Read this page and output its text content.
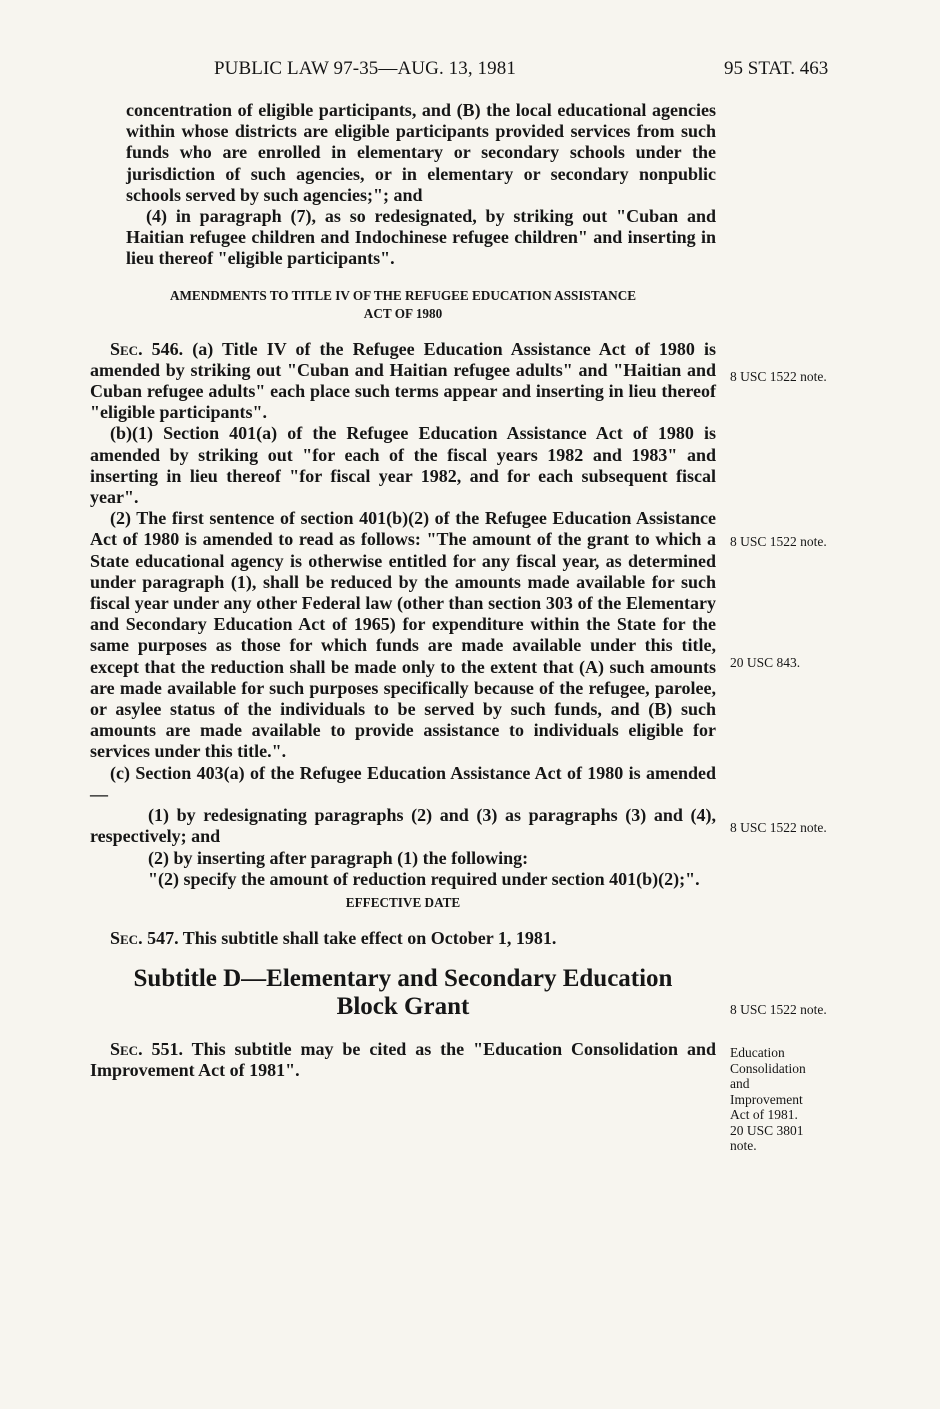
PUBLIC LAW 97-35—AUG. 13, 1981	95 STAT. 463

concentration of eligible participants, and (B) the local educational agencies within whose districts are eligible participants provided services from such funds who are enrolled in elementary or secondary schools under the jurisdiction of such agencies, or in elementary or secondary nonpublic schools served by such agencies;"; and

(4) in paragraph (7), as so redesignated, by striking out "Cuban and Haitian refugee children and Indochinese refugee children" and inserting in lieu thereof "eligible participants".

AMENDMENTS TO TITLE IV OF THE REFUGEE EDUCATION ASSISTANCE
ACT OF 1980

Sec. 546. (a) Title IV of the Refugee Education Assistance Act of 1980 is amended by striking out "Cuban and Haitian refugee adults" and "Haitian and Cuban refugee adults" each place such terms appear and inserting in lieu thereof "eligible participants".

(b)(1) Section 401(a) of the Refugee Education Assistance Act of 1980 is amended by striking out "for each of the fiscal years 1982 and 1983" and inserting in lieu thereof "for fiscal year 1982, and for each subsequent fiscal year".

(2) The first sentence of section 401(b)(2) of the Refugee Education Assistance Act of 1980 is amended to read as follows: "The amount of the grant to which a State educational agency is otherwise entitled for any fiscal year, as determined under paragraph (1), shall be reduced by the amounts made available for such fiscal year under any other Federal law (other than section 303 of the Elementary and Secondary Education Act of 1965) for expenditure within the State for the same purposes as those for which funds are made available under this title, except that the reduction shall be made only to the extent that (A) such amounts are made available for such purposes specifically because of the refugee, parolee, or asylee status of the individuals to be served by such funds, and (B) such amounts are made available to provide assistance to individuals eligible for services under this title.".

(c) Section 403(a) of the Refugee Education Assistance Act of 1980 is amended—

(1) by redesignating paragraphs (2) and (3) as paragraphs (3) and (4), respectively; and

(2) by inserting after paragraph (1) the following:

"(2) specify the amount of reduction required under section 401(b)(2);".

EFFECTIVE DATE

Sec. 547. This subtitle shall take effect on October 1, 1981.

Subtitle D—Elementary and Secondary Education
Block Grant

Sec. 551. This subtitle may be cited as the "Education Consolidation and Improvement Act of 1981".

8 USC 1522 note.
8 USC 1522 note.
20 USC 843.
8 USC 1522 note.
8 USC 1522 note.
Education
Consolidation
and
Improvement
Act of 1981.
20 USC 3801
note.
